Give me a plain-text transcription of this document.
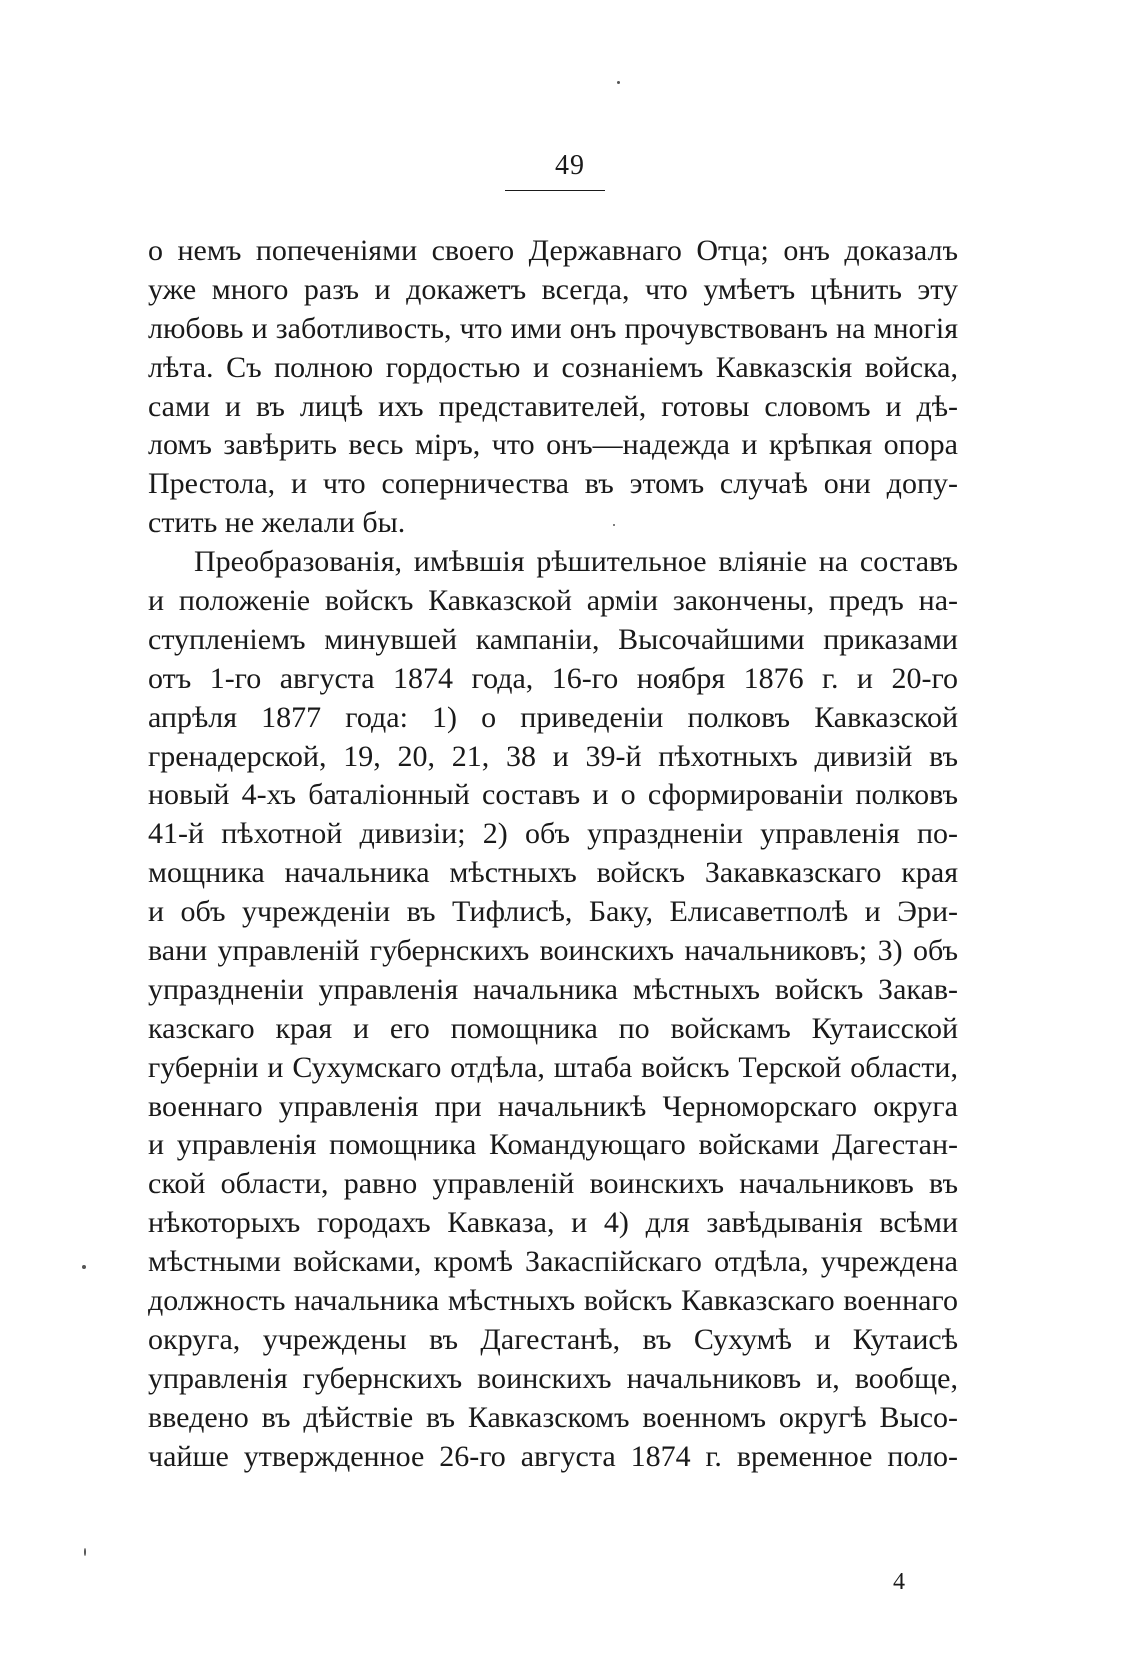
49
о немъ попеченіями своего Державнаго Отца; онъ доказалъ
уже много разъ и докажетъ всегда, что умѣетъ цѣнить эту
любовь и заботливость, что ими онъ прочувствованъ на многія
лѣта. Съ полною гордостью и сознаніемъ Кавказскія войска,
сами и въ лицѣ ихъ представителей, готовы словомъ и дѣ-
ломъ завѣрить весь міръ, что онъ—надежда и крѣпкая опора
Престола, и что соперничества въ этомъ случаѣ они допу-
стить не желали бы.
Преобразованія, имѣвшія рѣшительное вліяніе на составъ
и положеніе войскъ Кавказской арміи закончены, предъ на-
ступленіемъ минувшей кампаніи, Высочайшими приказами
отъ 1-го августа 1874 года, 16-го ноября 1876 г. и 20-го
апрѣля 1877 года: 1) о приведеніи полковъ Кавказской
гренадерской, 19, 20, 21, 38 и 39-й пѣхотныхъ дивизій въ
новый 4-хъ баталіонный составъ и о сформированіи полковъ
41-й пѣхотной дивизіи; 2) объ упраздненіи управленія по-
мощника начальника мѣстныхъ войскъ Закавказскаго края
и объ учрежденіи въ Тифлисѣ, Баку, Елисаветполѣ и Эри-
вани управленій губернскихъ воинскихъ начальниковъ; 3) объ
упраздненіи управленія начальника мѣстныхъ войскъ Закав-
казскаго края и его помощника по войскамъ Кутаисской
губерніи и Сухумскаго отдѣла, штаба войскъ Терской области,
военнаго управленія при начальникѣ Черноморскаго округа
и управленія помощника Командующаго войсками Дагестан-
ской области, равно управленій воинскихъ начальниковъ въ
нѣкоторыхъ городахъ Кавказа, и 4) для завѣдыванія всѣми
мѣстными войсками, кромѣ Закаспійскаго отдѣла, учреждена
должность начальника мѣстныхъ войскъ Кавказскаго военнаго
округа, учреждены въ Дагестанѣ, въ Сухумѣ и Кутаисѣ
управленія губернскихъ воинскихъ начальниковъ и, вообще,
введено въ дѣйствіе въ Кавказскомъ военномъ округѣ Высо-
чайше утвержденное 26-го августа 1874 г. временное поло-
4
